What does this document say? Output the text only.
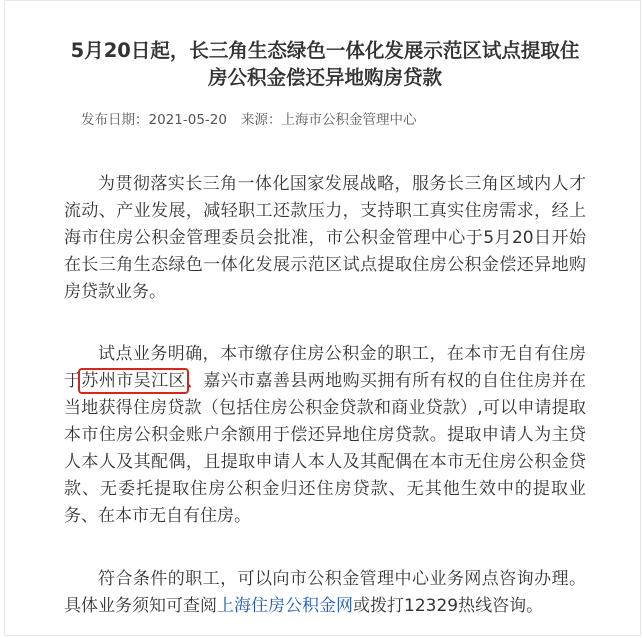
5月20日起，长三角生态绿色一体化发展示范区试点提取住
房公积金偿还异地购房贷款
发布日期：2021-05-20 来源：上海市公积金管理中心

为贯彻落实长三角一体化国家发展战略，服务长三角区域内人才流动、产业发展，减轻职工还款压力，支持职工真实住房需求，经上海市住房公积金管理委员会批准，市公积金管理中心于5月20日开始在长三角生态绿色一体化发展示范区试点提取住房公积金偿还异地购房贷款业务。

试点业务明确，本市缴存住房公积金的职工，在本市无自有住房于苏州市吴江区、嘉兴市嘉善县两地购买拥有所有权的自住住房并在当地获得住房贷款（包括住房公积金贷款和商业贷款）,可以申请提取本市住房公积金账户余额用于偿还异地住房贷款。提取申请人为主贷人本人及其配偶，且提取申请人本人及其配偶在本市无住房公积金贷款、无委托提取住房公积金归还住房贷款、无其他生效中的提取业务、在本市无自有住房。

符合条件的职工，可以向市公积金管理中心业务网点咨询办理。具体业务须知可查阅上海住房公积金网或拨打12329热线咨询。
